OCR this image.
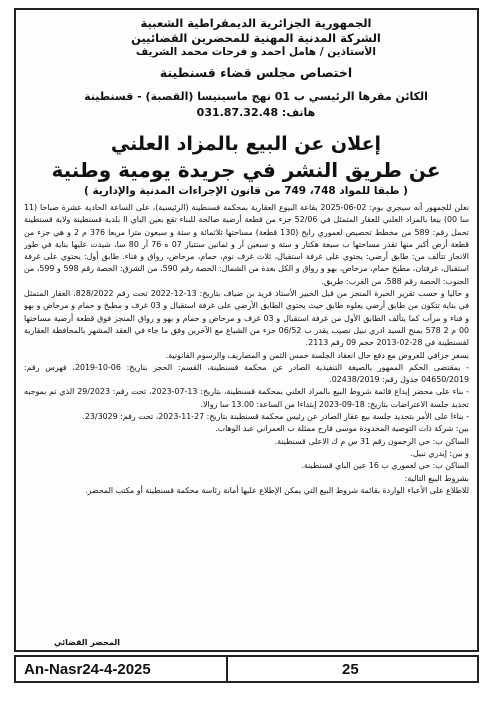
الجمهورية الجزائرية الديمقراطية الشعبية
الشركة المدنية المهنية للمحضرين القضائيين
الأستاذين / هامل أحمد و فرحات محمد الشريف
اختصاص مجلس قضاء قسنطينة
الكائن مقرها الرئيسي ب 01 نهج ماسينيسا (القصبة) - قسنطينة
هاتف: 031.87.32.48
إعلان عن البيع بالمزاد العلني
عن طريق النشر في جريدة يومية وطنية
( طبقا للمواد 748، 749 من قانون الإجراءات المدنية والإدارية )

نعلن للجمهور أنه سيجري يوم: 02-06-2025 بقاعة البيوع العقارية بمحكمة قسنطينة (الرئيسية)، على الساعة الحادية عشرة صباحا (11 سا 00) بيعا بالمزاد العلني للعقار المتمثل في 52/06 جزء من قطعة أرضية صالحة للبناء تقع بعين الباي II بلدية قسنطينة ولاية قسنطينة تحمل رقم: 589 من مخطط تحصيص لعموري رابح (130 قطعة) مساحتها ثلاثمائة و ستة و سبعون مترا مربعا 376 م 2 و هي جزء من قطعة أرض أكبر منها تقدر مساحتها ب سبعة هكتار و ستة و سبعين آر و ثمانين سنتيار 07 ه 76 آر 80 سا، شيدت عليها بناية في طور الانجاز تتألف من: طابق أرضي: يحتوي على غرفة استقبال، ثلاث غرف نوم، حمام، مرحاض، رواق و فناء. طابق أول: يحتوي على غرفة استقبال، غرفتان، مطبخ حمام، مرحاض، بهو و رواق و الكل بعدة من الشمال: الحصة رقم 590، من الشرق: الحصة رقم 598 و 599، من الجنوب: الحصة رقم 588، من الغرب: طريق.

و حاليا و حسب تقرير الخبرة المنجز من قبل الخبير الأستاذ فريد بن ضياف بتاريخ: 13-12-2022 تحت رقم 828/2022، العقار المتمثل في بناية تتكون من طابق أرضي يعلوه طابق حيث يحتوي الطابق الأرضي على غرفة استقبال و 03 غرف و مطبخ و حمام و مرحاض و بهو و فناء و مرآب كما يتألف الطابق الأول من غرفة استقبال و 03 غرف و مرحاض و حمام و بهو و رواق المنجز فوق قطعة أرضية مساحتها 00 م 2 578 بمنح السيد ادري نبيل نصيب يقدر ب 06/52 جزء من الشياع مع الآخرين وفق ما جاء في العقد المشهر بالمحافظة العقارية لقسنطينة في 28-02-2013 حجم 09 رقم 2113.

بسعر جزافي للعروض مع دفع حال انعقاد الجلسة خمس الثمن و المصاريف والرسوم القانونية.

- بمقتضى الحكم الممهور بالصيغة التنفيذية الصادر عن محكمة قسنطينة، القسم: الحجز بتاريخ: 06-10-2019، فهرس رقم: 04650/2019 جدول رقم: 02438/2019.

- بناء على محضر إيداع قائمة شروط البيع بالمزاد العلني بمحكمة قسنطينة، بتاريخ: 13-07-2023، تحت رقم: 29/2023 الذي تم بموجبه تحديد جلسة الاعتراضات بتاريخ: 18-09-2023 إبتداءا من الساعة: 13.00 سا زوالا.

- بناءا على الأمر بتحديد جلسة بيع عقار الصادر عن رئيس محكمة قسنطينة بتاريخ: 27-11-2023، تحت رقم: 23/3029.

بين: شركة ذات التوصية المحدودة موسى فارح ممثلة ب العمراني عبد الوهاب.

الساكن ب: حي الرحمون رقم 31 س م ك الاعلى قسنطينة.

و بين: إيدري نبيل.

الساكن ب: حي لعموري ب 16 عين الباي قسنطينة.

بشروط البيع التالية:

للاطلاع على الأعباء الواردة بقائمة شروط البيع التي يمكن الإطلاع عليها أمانة رئاسة محكمة قسنطينة أو مكتب المحضر.

المحضر القضائي
An-Nasr24-4-2025	25
